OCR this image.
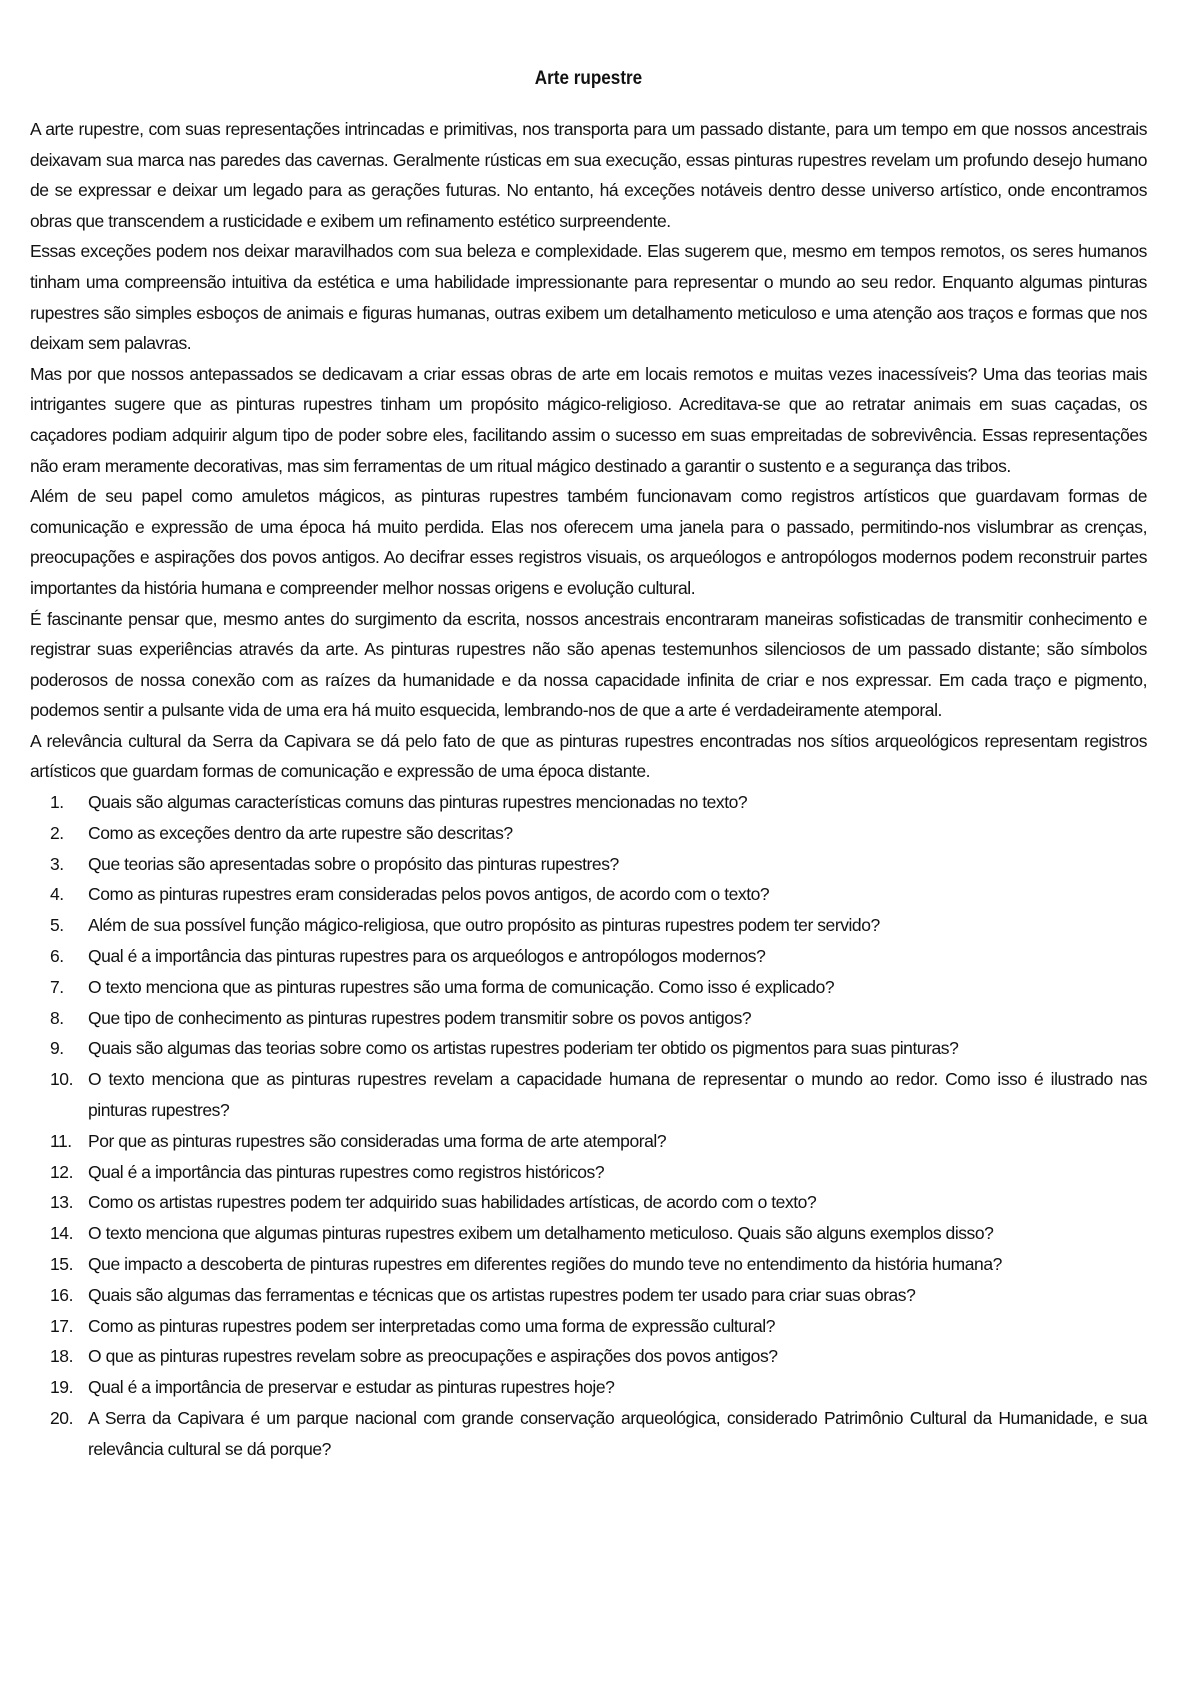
Arte rupestre

A arte rupestre, com suas representações intrincadas e primitivas, nos transporta para um passado distante, para um tempo em que nossos ancestrais deixavam sua marca nas paredes das cavernas. Geralmente rústicas em sua execução, essas pinturas rupestres revelam um profundo desejo humano de se expressar e deixar um legado para as gerações futuras. No entanto, há exceções notáveis dentro desse universo artístico, onde encontramos obras que transcendem a rusticidade e exibem um refinamento estético surpreendente.

Essas exceções podem nos deixar maravilhados com sua beleza e complexidade. Elas sugerem que, mesmo em tempos remotos, os seres humanos tinham uma compreensão intuitiva da estética e uma habilidade impressionante para representar o mundo ao seu redor. Enquanto algumas pinturas rupestres são simples esboços de animais e figuras humanas, outras exibem um detalhamento meticuloso e uma atenção aos traços e formas que nos deixam sem palavras.

Mas por que nossos antepassados se dedicavam a criar essas obras de arte em locais remotos e muitas vezes inacessíveis? Uma das teorias mais intrigantes sugere que as pinturas rupestres tinham um propósito mágico-religioso. Acreditava-se que ao retratar animais em suas caçadas, os caçadores podiam adquirir algum tipo de poder sobre eles, facilitando assim o sucesso em suas empreitadas de sobrevivência. Essas representações não eram meramente decorativas, mas sim ferramentas de um ritual mágico destinado a garantir o sustento e a segurança das tribos.

Além de seu papel como amuletos mágicos, as pinturas rupestres também funcionavam como registros artísticos que guardavam formas de comunicação e expressão de uma época há muito perdida. Elas nos oferecem uma janela para o passado, permitindo-nos vislumbrar as crenças, preocupações e aspirações dos povos antigos. Ao decifrar esses registros visuais, os arqueólogos e antropólogos modernos podem reconstruir partes importantes da história humana e compreender melhor nossas origens e evolução cultural.

É fascinante pensar que, mesmo antes do surgimento da escrita, nossos ancestrais encontraram maneiras sofisticadas de transmitir conhecimento e registrar suas experiências através da arte. As pinturas rupestres não são apenas testemunhos silenciosos de um passado distante; são símbolos poderosos de nossa conexão com as raízes da humanidade e da nossa capacidade infinita de criar e nos expressar. Em cada traço e pigmento, podemos sentir a pulsante vida de uma era há muito esquecida, lembrando-nos de que a arte é verdadeiramente atemporal.

A relevância cultural da Serra da Capivara se dá pelo fato de que as pinturas rupestres encontradas nos sítios arqueológicos representam registros artísticos que guardam formas de comunicação e expressão de uma época distante.

1. Quais são algumas características comuns das pinturas rupestres mencionadas no texto?
2. Como as exceções dentro da arte rupestre são descritas?
3. Que teorias são apresentadas sobre o propósito das pinturas rupestres?
4. Como as pinturas rupestres eram consideradas pelos povos antigos, de acordo com o texto?
5. Além de sua possível função mágico-religiosa, que outro propósito as pinturas rupestres podem ter servido?
6. Qual é a importância das pinturas rupestres para os arqueólogos e antropólogos modernos?
7. O texto menciona que as pinturas rupestres são uma forma de comunicação. Como isso é explicado?
8. Que tipo de conhecimento as pinturas rupestres podem transmitir sobre os povos antigos?
9. Quais são algumas das teorias sobre como os artistas rupestres poderiam ter obtido os pigmentos para suas pinturas?
10. O texto menciona que as pinturas rupestres revelam a capacidade humana de representar o mundo ao redor. Como isso é ilustrado nas pinturas rupestres?
11. Por que as pinturas rupestres são consideradas uma forma de arte atemporal?
12. Qual é a importância das pinturas rupestres como registros históricos?
13. Como os artistas rupestres podem ter adquirido suas habilidades artísticas, de acordo com o texto?
14. O texto menciona que algumas pinturas rupestres exibem um detalhamento meticuloso. Quais são alguns exemplos disso?
15. Que impacto a descoberta de pinturas rupestres em diferentes regiões do mundo teve no entendimento da história humana?
16. Quais são algumas das ferramentas e técnicas que os artistas rupestres podem ter usado para criar suas obras?
17. Como as pinturas rupestres podem ser interpretadas como uma forma de expressão cultural?
18. O que as pinturas rupestres revelam sobre as preocupações e aspirações dos povos antigos?
19. Qual é a importância de preservar e estudar as pinturas rupestres hoje?
20. A Serra da Capivara é um parque nacional com grande conservação arqueológica, considerado Patrimônio Cultural da Humanidade, e sua relevância cultural se dá porque?
